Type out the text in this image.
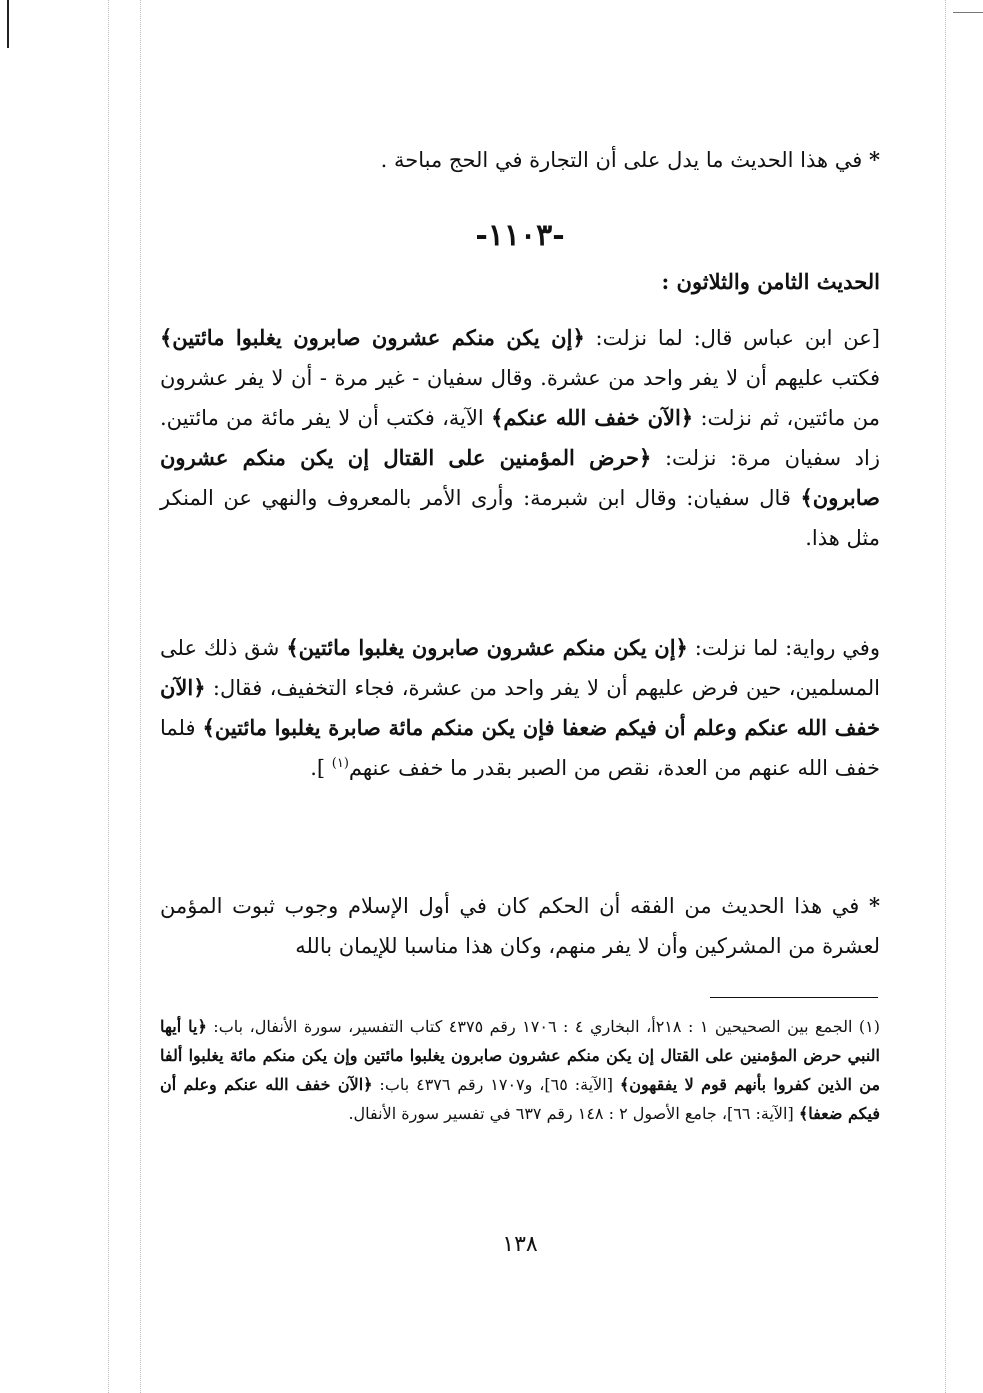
* في هذا الحديث ما يدل على أن التجارة في الحج مباحة .

-١١٠٣-

الحديث الثامن والثلاثون :

[عن ابن عباس قال: لما نزلت: ﴿إن يكن منكم عشرون صابرون يغلبوا مائتين﴾ فكتب عليهم أن لا يفر واحد من عشرة. وقال سفيان - غير مرة - أن لا يفر عشرون من مائتين، ثم نزلت: ﴿الآن خفف الله عنكم﴾ الآية، فكتب أن لا يفر مائة من مائتين. زاد سفيان مرة: نزلت: ﴿حرض المؤمنين على القتال إن يكن منكم عشرون صابرون﴾ قال سفيان: وقال ابن شبرمة: وأرى الأمر بالمعروف والنهي عن المنكر مثل هذا.

وفي رواية: لما نزلت: ﴿إن يكن منكم عشرون صابرون يغلبوا مائتين﴾ شق ذلك على المسلمين، حين فرض عليهم أن لا يفر واحد من عشرة، فجاء التخفيف، فقال: ﴿الآن خفف الله عنكم وعلم أن فيكم ضعفا فإن يكن منكم مائة صابرة يغلبوا مائتين﴾ فلما خفف الله عنهم من العدة، نقص من الصبر بقدر ما خفف عنهم$^{(١)}$ ].

* في هذا الحديث من الفقه أن الحكم كان في أول الإسلام وجوب ثبوت المؤمن لعشرة من المشركين وأن لا يفر منهم، وكان هذا مناسبا للإيمان بالله

(١) الجمع بين الصحيحين ١ : ٢١٨أ، البخاري ٤ : ١٧٠٦ رقم ٤٣٧٥ كتاب التفسير، سورة الأنفال، باب: ﴿يا أيها النبي حرض المؤمنين على القتال إن يكن منكم عشرون صابرون يغلبوا مائتين وإن يكن منكم مائة يغلبوا ألفا من الذين كفروا بأنهم قوم لا يفقهون﴾ [الآية: ٦٥]، و١٧٠٧ رقم ٤٣٧٦ باب: ﴿الآن خفف الله عنكم وعلم أن فيكم ضعفا﴾ [الآية: ٦٦]، جامع الأصول ٢ : ١٤٨ رقم ٦٣٧ في تفسير سورة الأنفال.

١٣٨
